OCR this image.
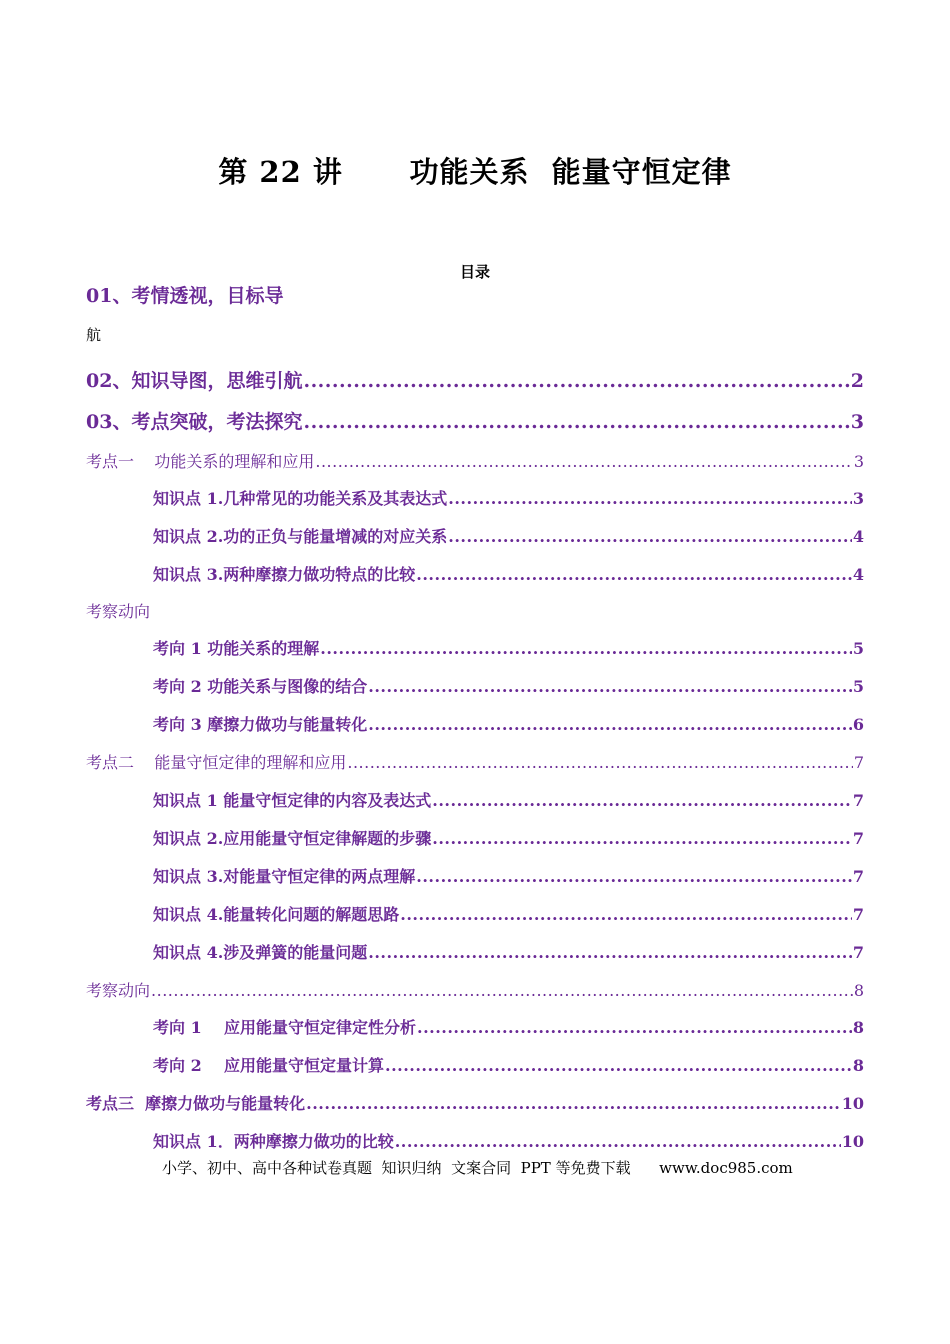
第 22 讲      功能关系  能量守恒定律
目录
01、考情透视，目标导
航
02、知识导图，思维引航 .....	2
03、考点突破，考法探究 .....	3
考点一    功能关系的理解和应用 .....	3
知识点 1.几种常见的功能关系及其表达式 .....	3
知识点 2.功的正负与能量增减的对应关系 .....	4
知识点 3.两种摩擦力做功特点的比较 .....	4
考察动向
考向 1 功能关系的理解 .....	5
考向 2 功能关系与图像的结合 .....	5
考向 3 摩擦力做功与能量转化 .....	6
考点二    能量守恒定律的理解和应用 .....	7
知识点 1 能量守恒定律的内容及表达式 .....	7
知识点 2.应用能量守恒定律解题的步骤 .....	7
知识点 3.对能量守恒定律的两点理解 .....	7
知识点 4.能量转化问题的解题思路 .....	7
知识点 4.涉及弹簧的能量问题 .....	7
考察动向 .....	8
考向 1    应用能量守恒定律定性分析 .....	8
考向 2    应用能量守恒定量计算 .....	8
考点三  摩擦力做功与能量转化 .....	10
知识点 1．两种摩擦力做功的比较 .....	10
小学、初中、高中各种试卷真题  知识归纳  文案合同  PPT 等免费下载      www.doc985.com
